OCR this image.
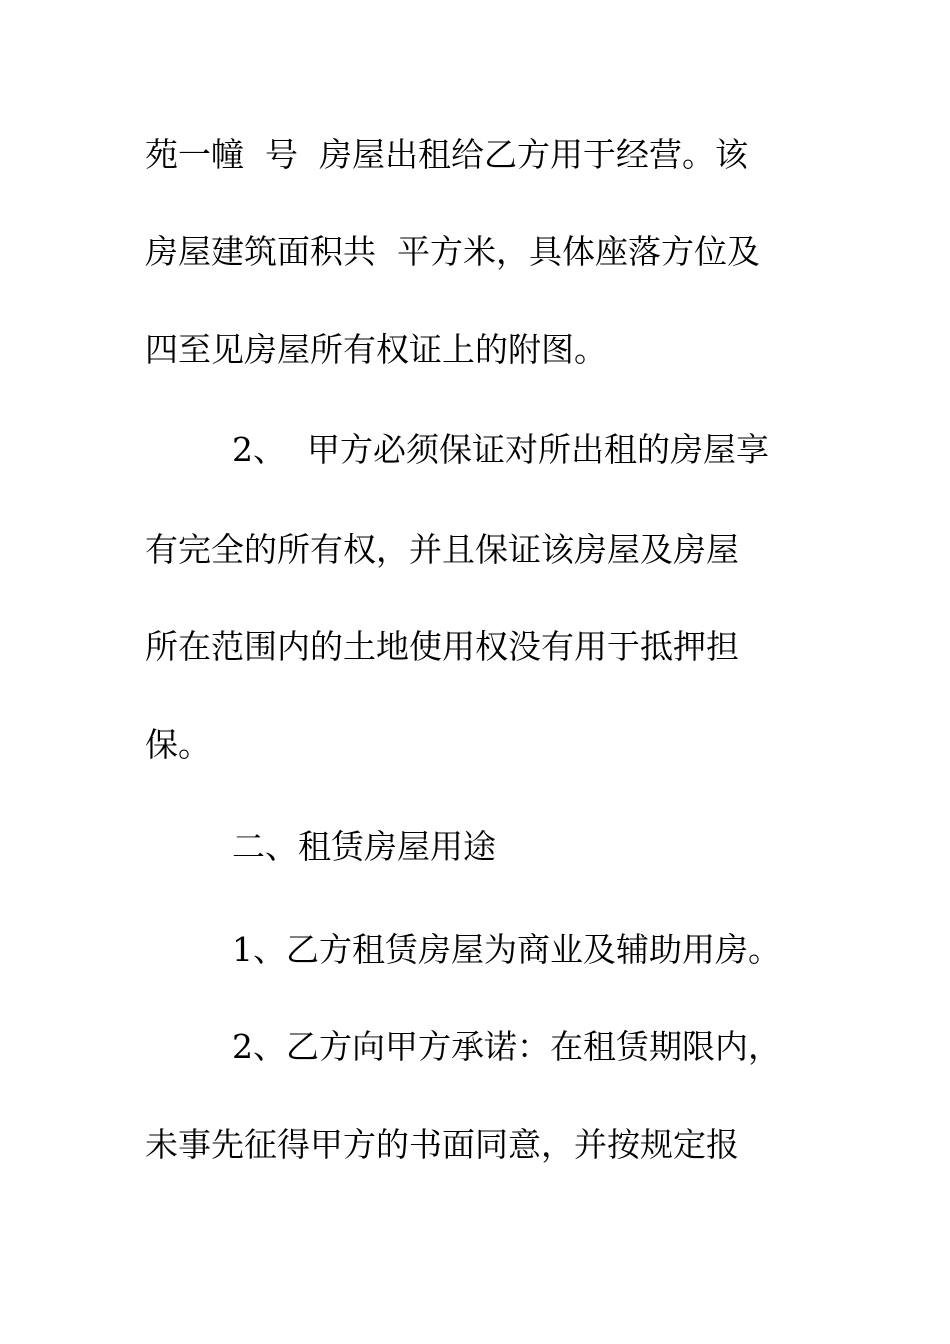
苑一幢  号  房屋出租给乙方用于经营。该
房屋建筑面积共  平方米，具体座落方位及
四至见房屋所有权证上的附图。
2、  甲方必须保证对所出租的房屋享
有完全的所有权，并且保证该房屋及房屋
所在范围内的土地使用权没有用于抵押担
保。
二、租赁房屋用途
1、乙方租赁房屋为商业及辅助用房。
2、乙方向甲方承诺：在租赁期限内，
未事先征得甲方的书面同意，并按规定报
